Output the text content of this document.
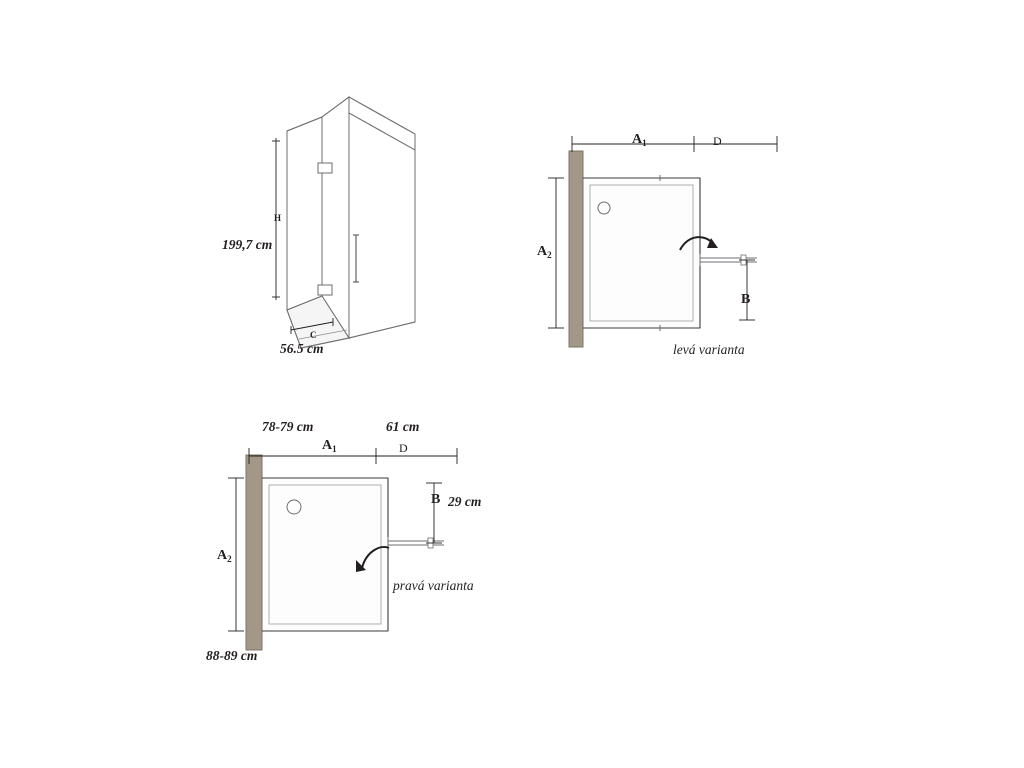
H
C
199,7 cm
56.5 cm
$A_1$	D
$A_2$
B
levá varianta
78-79 cm	61 cm
$A_1$	D
$A_2$
B 29 cm
pravá varianta
88-89 cm
